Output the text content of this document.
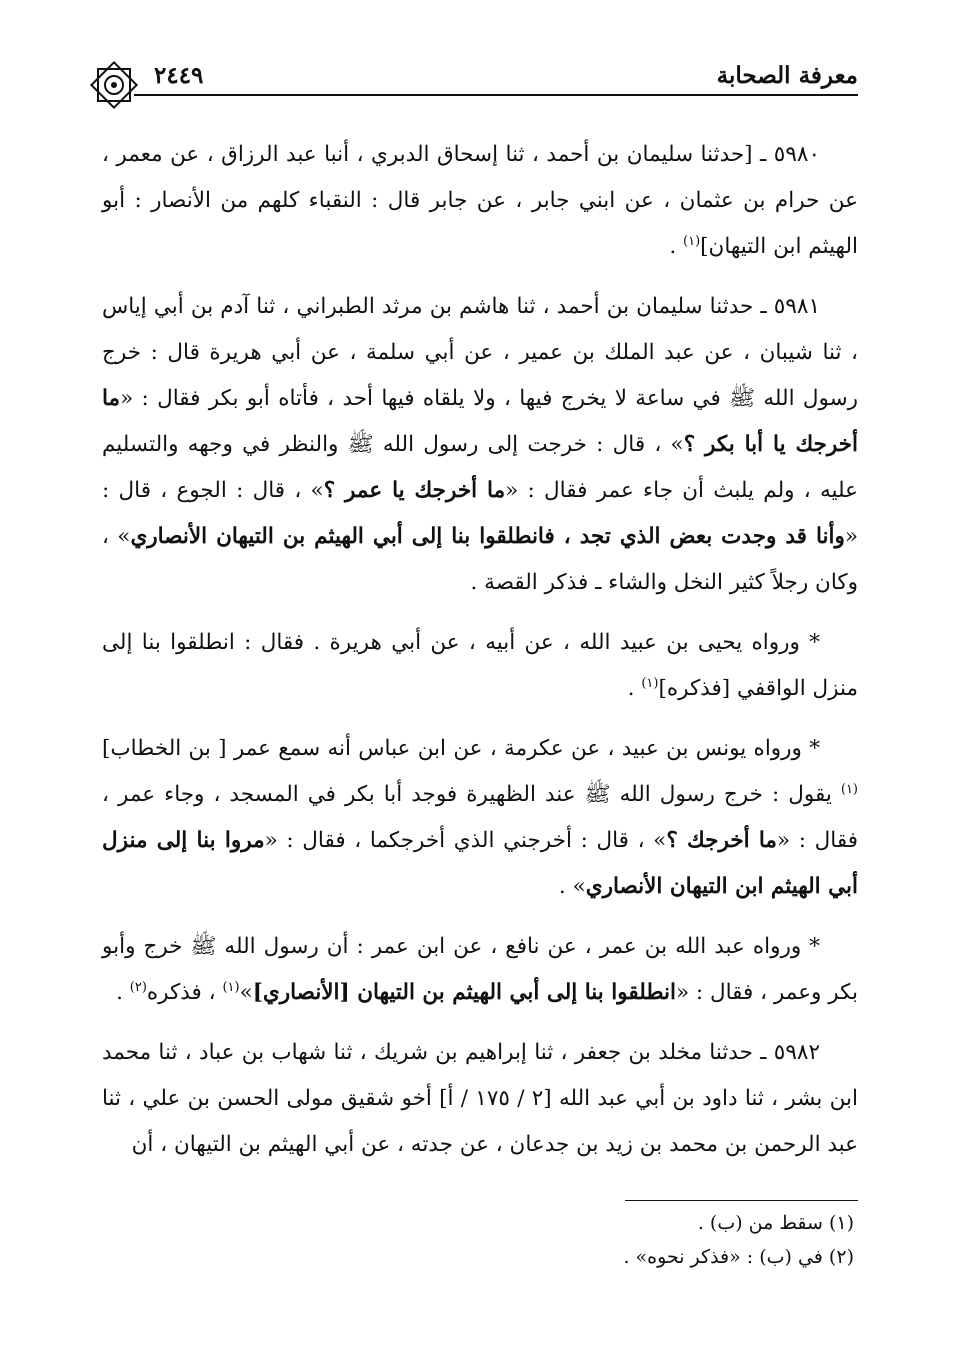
معرفة الصحابة
٢٤٤٩

٥٩٨٠ ـ [حدثنا سليمان بن أحمد ، ثنا إسحاق الدبري ، أنبا عبد الرزاق ، عن معمر ، عن حرام بن عثمان ، عن ابني جابر ، عن جابر قال : النقباء كلهم من الأنصار : أبو الهيثم ابن التيهان]$^{(١)}$ .

٥٩٨١ ـ حدثنا سليمان بن أحمد ، ثنا هاشم بن مرثد الطبراني ، ثنا آدم بن أبي إياس ، ثنا شيبان ، عن عبد الملك بن عمير ، عن أبي سلمة ، عن أبي هريرة قال : خرج رسول الله ﷺ في ساعة لا يخرج فيها ، ولا يلقاه فيها أحد ، فأتاه أبو بكر فقال : «ما أخرجك يا أبا بكر ؟» ، قال : خرجت إلى رسول الله ﷺ والنظر في وجهه والتسليم عليه ، ولم يلبث أن جاء عمر فقال : «ما أخرجك يا عمر ؟» ، قال : الجوع ، قال : «وأنا قد وجدت بعض الذي تجد ، فانطلقوا بنا إلى أبي الهيثم بن التيهان الأنصاري» ، وكان رجلاً كثير النخل والشاء ـ فذكر القصة .

* ورواه يحيى بن عبيد الله ، عن أبيه ، عن أبي هريرة . فقال : انطلقوا بنا إلى منزل الواقفي [فذكره]$^{(١)}$ .

* ورواه يونس بن عبيد ، عن عكرمة ، عن ابن عباس أنه سمع عمر [ بن الخطاب]$^{(١)}$ يقول : خرج رسول الله ﷺ عند الظهيرة فوجد أبا بكر في المسجد ، وجاء عمر ، فقال : «ما أخرجك ؟» ، قال : أخرجني الذي أخرجكما ، فقال : «مروا بنا إلى منزل أبي الهيثم ابن التيهان الأنصاري» .

* ورواه عبد الله بن عمر ، عن نافع ، عن ابن عمر : أن رسول الله ﷺ خرج وأبو بكر وعمر ، فقال : «انطلقوا بنا إلى أبي الهيثم بن التيهان [الأنصاري]»$^{(١)}$ ، فذكره$^{(٢)}$ .

٥٩٨٢ ـ حدثنا مخلد بن جعفر ، ثنا إبراهيم بن شريك ، ثنا شهاب بن عباد ، ثنا محمد ابن بشر ، ثنا داود بن أبي عبد الله [٢ / ١٧٥ / أ] أخو شقيق مولى الحسن بن علي ، ثنا عبد الرحمن بن محمد بن زيد بن جدعان ، عن جدته ، عن أبي الهيثم بن التيهان ، أن

(١) سقط من (ب) .
(٢) في (ب) : «فذكر نحوه» .
